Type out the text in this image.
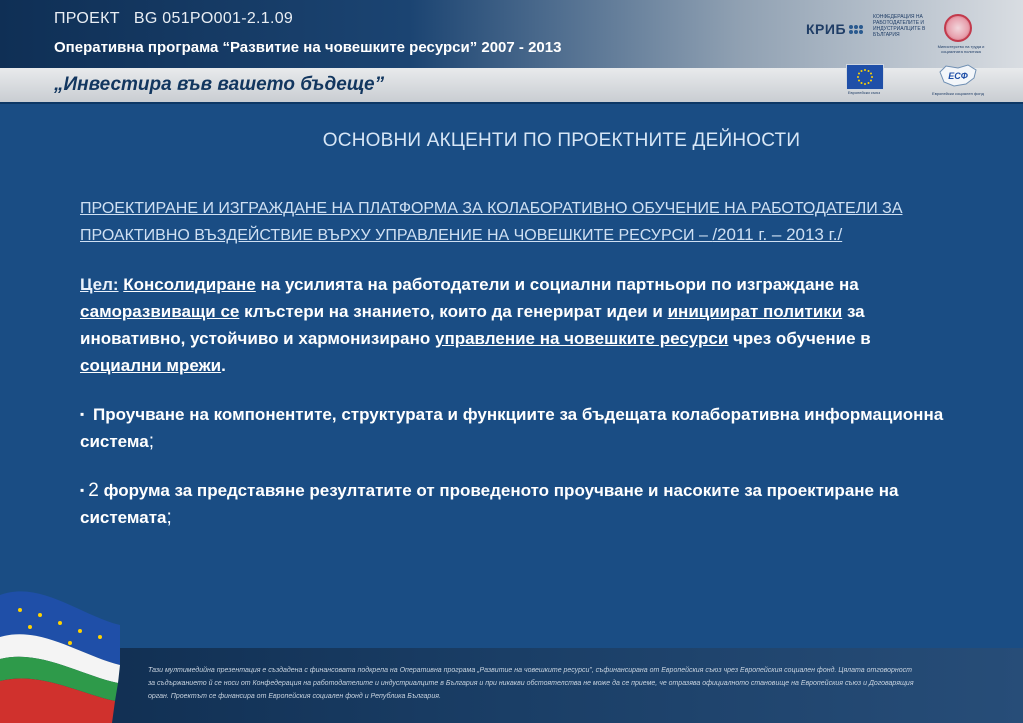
ПРОЕКТ BG 051PO001-2.1.09
Оперативна програма “Развитие на човешките ресурси” 2007 - 2013
КРИБ
КОНФЕДЕРАЦИЯ НА РАБОТОДАТЕЛИТЕ И ИНДУСТРИАЛЦИТЕ В БЪЛГАРИЯ
Министерство на труда и социалната политика
„Инвестира във вашето бъдеще”	Европейски съюз
ЕСФ
Европейски социален фонд
ОСНОВНИ АКЦЕНТИ ПО ПРОЕКТНИТЕ ДЕЙНОСТИ
ПРОЕКТИРАНЕ И ИЗГРАЖДАНЕ НА ПЛАТФОРМА ЗА КОЛАБОРАТИВНО ОБУЧЕНИЕ НА РАБОТОДАТЕЛИ ЗА ПРОАКТИВНО ВЪЗДЕЙСТВИЕ ВЪРХУ УПРАВЛЕНИЕ НА ЧОВЕШКИТЕ РЕСУРСИ – /2011 г. – 2013 г./
Цел: Консолидиране на усилията на работодатели и социални партньори по изграждане на саморазвиващи се клъстери на знанието, които да генерират идеи и инициират политики за иновативно, устойчиво и хармонизирано управление на човешките ресурси чрез обучение в социални мрежи.
▪ Проучване на компонентите, структурата и функциите за бъдещата колаборативна информационна система;
▪ 2 форума за представяне резултатите от проведеното проучване и насоките за проектиране на системата;
Тази мултимедийна презентация е създадена с финансовата подкрепа на Оперативна програма „Развитие на човешките ресурси”, съфинансирана от Европейския съюз чрез Европейския социален фонд. Цялата отговорност за съдържанието й се носи от Конфедерация на работодателите и индустриалците в България и при никакви обстоятелства не може да се приеме, че отразява официалното становище на Европейския съюз и Договарящия орган. Проектът се финансира от Европейския социален фонд и Република България.
